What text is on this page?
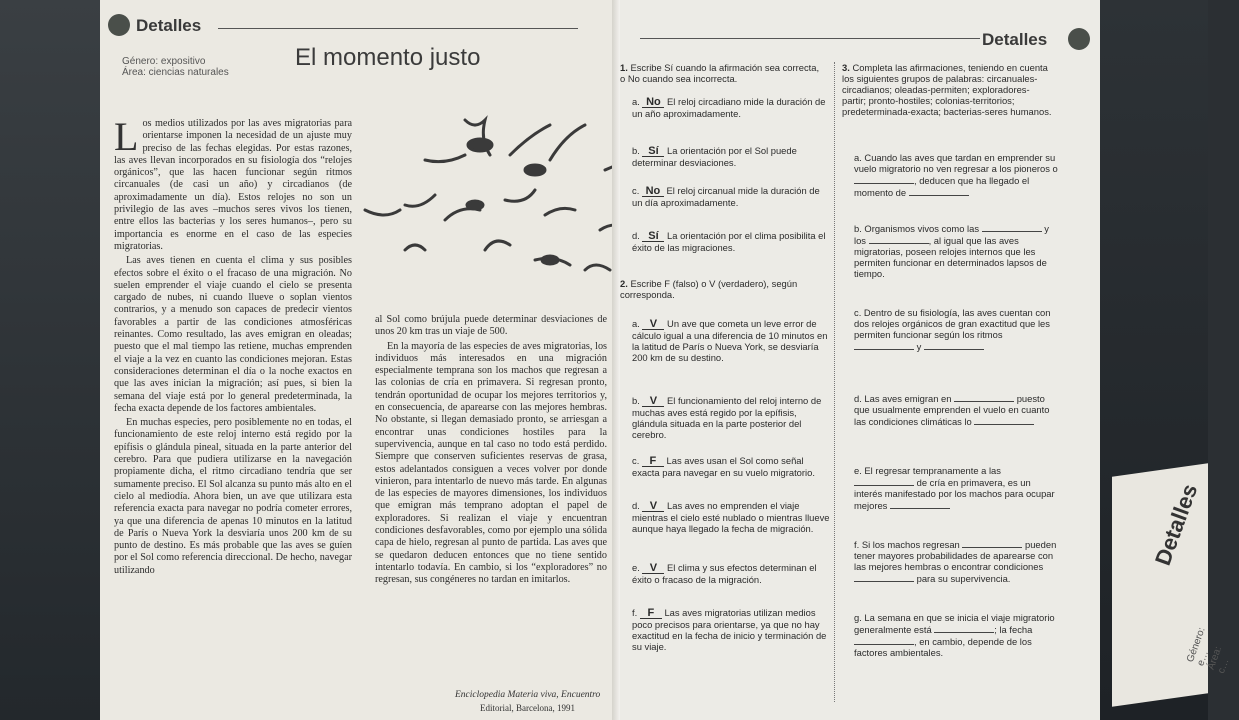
Detalles
Género: expositivo
Área: ciencias naturales
El momento justo

Los medios utilizados por las aves migratorias para orientarse imponen la necesidad de un ajuste muy preciso de las fechas elegidas. Por estas razones, las aves llevan incorporados en su fisiología dos “relojes orgánicos”, que las hacen funcionar según ritmos circanuales (de casi un año) y circadianos (de aproximadamente un día). Estos relojes no son un privilegio de las aves –muchos seres vivos los tienen, entre ellos las bacterias y los seres humanos–, pero su importancia es enorme en el caso de las especies migratorias.

Las aves tienen en cuenta el clima y sus posibles efectos sobre el éxito o el fracaso de una migración. No suelen emprender el viaje cuando el cielo se presenta cargado de nubes, ni cuando llueve o soplan vientos contrarios, y a menudo son capaces de predecir vientos favorables a partir de las condiciones atmosféricas reinantes. Como resultado, las aves emigran en oleadas; puesto que el mal tiempo las retiene, muchas emprenden el viaje a la vez en cuanto las condiciones mejoran. Estas consideraciones determinan el día o la noche exactos en que las aves inician la migración; así pues, si bien la semana del viaje está por lo general predeterminada, la fecha exacta depende de los factores ambientales.

En muchas especies, pero posiblemente no en todas, el funcionamiento de este reloj interno está regido por la epífisis o glándula pineal, situada en la parte anterior del cerebro. Para que pudiera utilizarse en la navegación propiamente dicha, el ritmo circadiano tendría que ser sumamente preciso. El Sol alcanza su punto más alto en el cielo al mediodía. Ahora bien, un ave que utilizara esta referencia exacta para navegar no podría cometer errores, ya que una diferencia de apenas 10 minutos en la latitud de París o Nueva York la desviaría unos 200 km de su punto de destino. Es más probable que las aves se guíen por el Sol como referencia direccional. De hecho, navegar utilizando

al Sol como brújula puede determinar desviaciones de unos 20 km tras un viaje de 500.

En la mayoría de las especies de aves migratorias, los individuos más interesados en una migración especialmente temprana son los machos que regresan a las colonias de cría en primavera. Si regresan pronto, tendrán oportunidad de ocupar los mejores territorios y, en consecuencia, de aparearse con las mejores hembras. No obstante, si llegan demasiado pronto, se arriesgan a encontrar unas condiciones hostiles para la supervivencia, aunque en tal caso no todo está perdido. Siempre que conserven suficientes reservas de grasa, estos adelantados consiguen a veces volver por donde vinieron, para intentarlo de nuevo más tarde. En algunas de las especies de mayores dimensiones, los individuos que emigran más temprano adoptan el papel de exploradores. Si realizan el viaje y encuentran condiciones desfavorables, como por ejemplo una sólida capa de hielo, regresan al punto de partida. Las aves que se quedaron deducen entonces que no tiene sentido intentarlo todavía. En cambio, si los “exploradores” no regresan, sus congéneres no tardan en imitarlos.

Enciclopedia Materia viva, Encuentro
Editorial, Barcelona, 1991
Detalles
1. Escribe Sí cuando la afirmación sea correcta, o No cuando sea incorrecta.
a. No El reloj circadiano mide la duración de un año aproximadamente.
b. Sí La orientación por el Sol puede determinar desviaciones.
c. No El reloj circanual mide la duración de un día aproximadamente.
d. Sí La orientación por el clima posibilita el éxito de las migraciones.
2. Escribe F (falso) o V (verdadero), según corresponda.
a. V Un ave que cometa un leve error de cálculo igual a una diferencia de 10 minutos en la latitud de París o Nueva York, se desviaría 200 km de su destino.
b. V El funcionamiento del reloj interno de muchas aves está regido por la epífisis, glándula situada en la parte posterior del cerebro.
c. F Las aves usan el Sol como señal exacta para navegar en su vuelo migratorio.
d. V Las aves no emprenden el viaje mientras el cielo esté nublado o mientras llueve aunque haya llegado la fecha de migración.
e. V El clima y sus efectos determinan el éxito o fracaso de la migración.
f. F Las aves migratorias utilizan medios poco precisos para orientarse, ya que no hay exactitud en la fecha de inicio y terminación de su viaje.
3. Completa las afirmaciones, teniendo en cuenta los siguientes grupos de palabras: circanuales-circadianos; oleadas-permiten; exploradores-partir; pronto-hostiles; colonias-territorios; predeterminada-exacta; bacterias-seres humanos.
a. Cuando las aves que tardan en emprender su vuelo migratorio no ven regresar a los pioneros o , deducen que ha llegado el momento de
b. Organismos vivos como las	y los	, al igual que las aves migratorias, poseen relojes internos que les permiten funcionar en determinados lapsos de tiempo.
c. Dentro de su fisiología, las aves cuentan con dos relojes orgánicos de gran exactitud que les permiten funcionar según los ritmos  y
d. Las aves emigran en	puesto que usualmente emprenden el vuelo en cuanto las condiciones climáticas lo
e. El regresar tempranamente a las  de cría en primavera, es un interés manifestado por los machos para ocupar mejores
f. Si los machos regresan	pueden tener mayores probabilidades de aparearse con las mejores hembras o encontrar condiciones  para su supervivencia.
g. La semana en que se inicia el viaje migratorio generalmente está	; la fecha , en cambio, depende de los factores ambientales.
Detalles
Género: e… Área: c…
